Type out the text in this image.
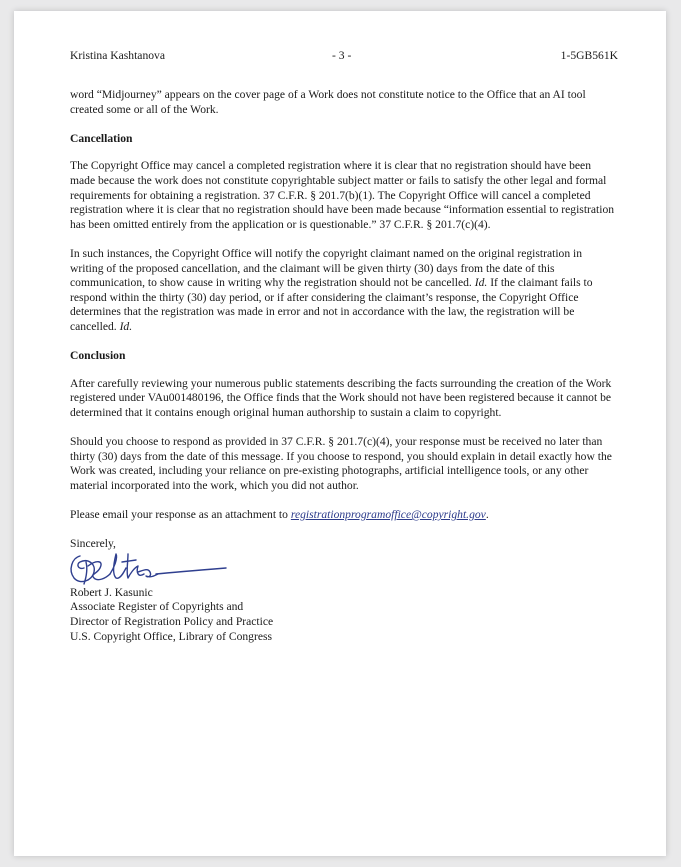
Kristina Kashtanova	- 3 -	1-5GB561K

word “Midjourney” appears on the cover page of a Work does not constitute notice to the Office that an AI tool created some or all of the Work.

Cancellation

The Copyright Office may cancel a completed registration where it is clear that no registration should have been made because the work does not constitute copyrightable subject matter or fails to satisfy the other legal and formal requirements for obtaining a registration. 37 C.F.R. § 201.7(b)(1). The Copyright Office will cancel a completed registration where it is clear that no registration should have been made because “information essential to registration has been omitted entirely from the application or is questionable.” 37 C.F.R. § 201.7(c)(4).

In such instances, the Copyright Office will notify the copyright claimant named on the original registration in writing of the proposed cancellation, and the claimant will be given thirty (30) days from the date of this communication, to show cause in writing why the registration should not be cancelled. Id. If the claimant fails to respond within the thirty (30) day period, or if after considering the claimant’s response, the Copyright Office determines that the registration was made in error and not in accordance with the law, the registration will be cancelled. Id.

Conclusion

After carefully reviewing your numerous public statements describing the facts surrounding the creation of the Work registered under VAu001480196, the Office finds that the Work should not have been registered because it cannot be determined that it contains enough original human authorship to sustain a claim to copyright.

Should you choose to respond as provided in 37 C.F.R. § 201.7(c)(4), your response must be received no later than thirty (30) days from the date of this message. If you choose to respond, you should explain in detail exactly how the Work was created, including your reliance on pre-existing photographs, artificial intelligence tools, or any other material incorporated into the work, which you did not author.

Please email your response as an attachment to registrationprogramoffice@copyright.gov.

Sincerely,
Robert J. Kasunic
Associate Register of Copyrights and
Director of Registration Policy and Practice
U.S. Copyright Office, Library of Congress
